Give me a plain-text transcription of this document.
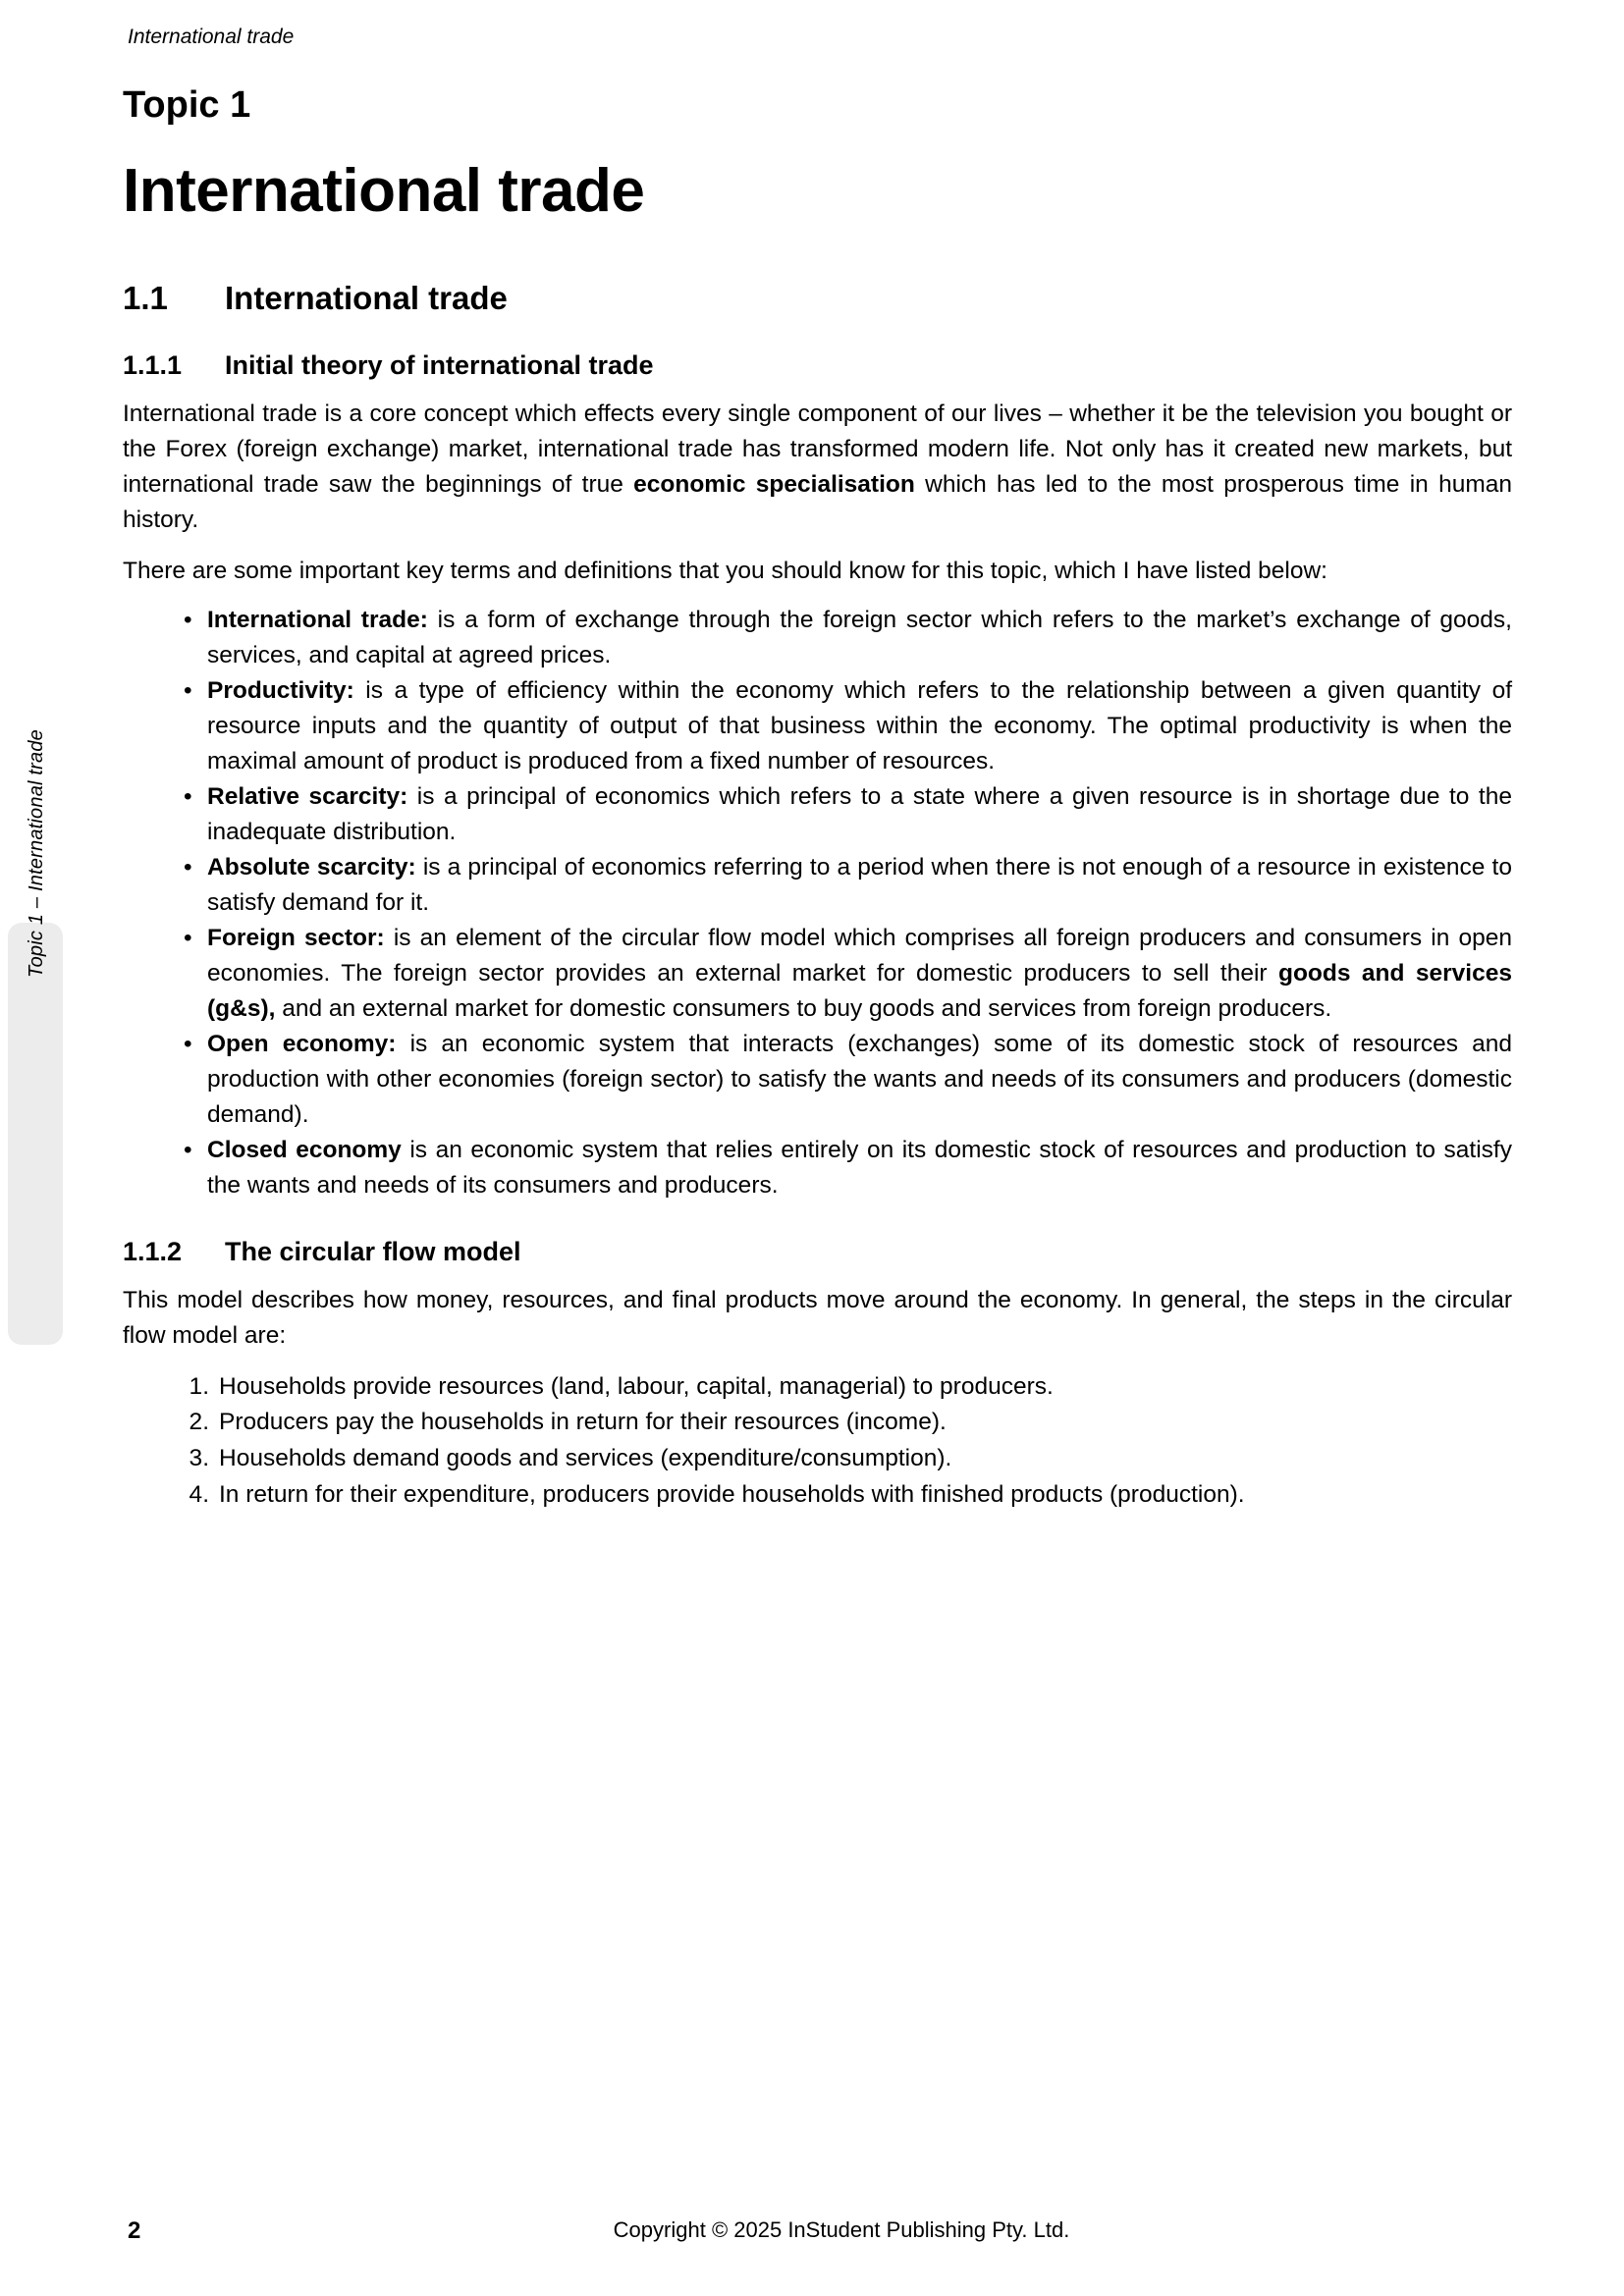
International trade
Topic 1 – International trade
Topic 1
International trade
1.1	International trade
1.1.1	Initial theory of international trade

International trade is a core concept which effects every single component of our lives – whether it be the television you bought or the Forex (foreign exchange) market, international trade has transformed modern life. Not only has it created new markets, but international trade saw the beginnings of true economic specialisation which has led to the most prosperous time in human history.

There are some important key terms and definitions that you should know for this topic, which I have listed below:

• International trade: is a form of exchange through the foreign sector which refers to the market’s exchange of goods, services, and capital at agreed prices.
• Productivity: is a type of efficiency within the economy which refers to the relationship between a given quantity of resource inputs and the quantity of output of that business within the economy. The optimal productivity is when the maximal amount of product is produced from a fixed number of resources.
• Relative scarcity: is a principal of economics which refers to a state where a given resource is in shortage due to the inadequate distribution.
• Absolute scarcity: is a principal of economics referring to a period when there is not enough of a resource in existence to satisfy demand for it.
• Foreign sector: is an element of the circular flow model which comprises all foreign producers and consumers in open economies. The foreign sector provides an external market for domestic producers to sell their goods and services (g&s), and an external market for domestic consumers to buy goods and services from foreign producers.
• Open economy: is an economic system that interacts (exchanges) some of its domestic stock of resources and production with other economies (foreign sector) to satisfy the wants and needs of its consumers and producers (domestic demand).
• Closed economy is an economic system that relies entirely on its domestic stock of resources and production to satisfy the wants and needs of its consumers and producers.
1.1.2	The circular flow model

This model describes how money, resources, and final products move around the economy. In general, the steps in the circular flow model are:

Households provide resources (land, labour, capital, managerial) to producers.
Producers pay the households in return for their resources (income).
Households demand goods and services (expenditure/consumption).
In return for their expenditure, producers provide households with finished products (production).
2	Copyright © 2025 InStudent Publishing Pty. Ltd.
